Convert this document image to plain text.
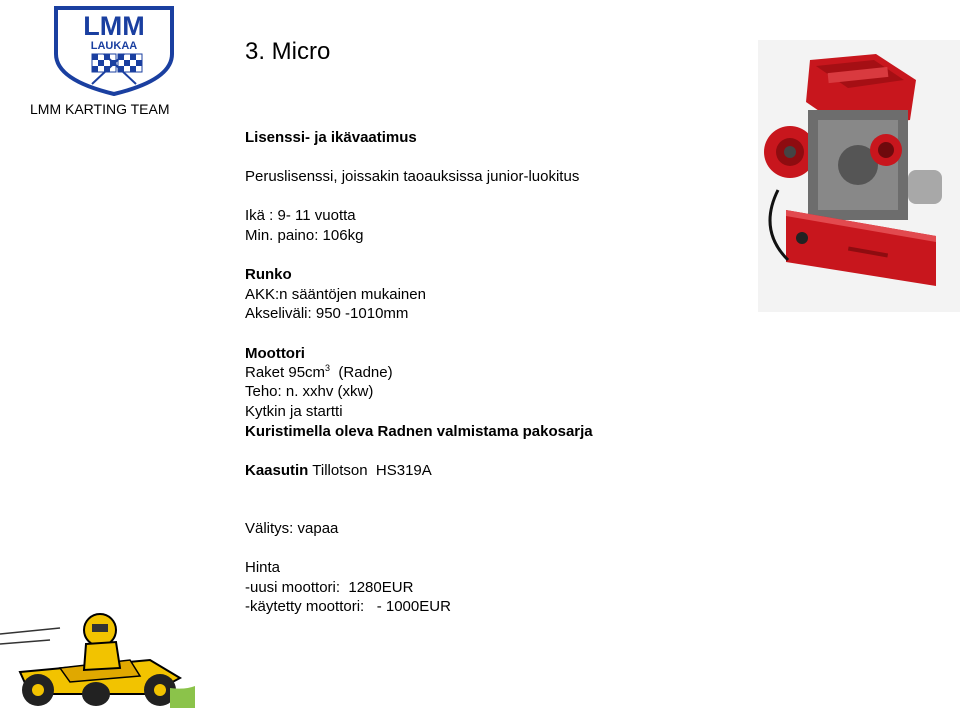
LMM
LAUKAA
LMM KARTING TEAM
3. Micro
Lisenssi- ja ikävaatimus
Peruslisenssi, joissakin taoauksissa junior-luokitus
Ikä : 9- 11 vuotta
Min. paino: 106kg
Runko
AKK:n sääntöjen mukainen
Akseliväli: 950 -1010mm
Moottori
Raket $95cm^3$  (Radne)
Teho: n. xxhv (xkw)
Kytkin ja startti
Kuristimella oleva Radnen valmistama pakosarja
Kaasutin Tillotson  HS319A
Välitys: vapaa
Hinta
-uusi moottori:  1280EUR
-käytetty moottori:   - 1000EUR
